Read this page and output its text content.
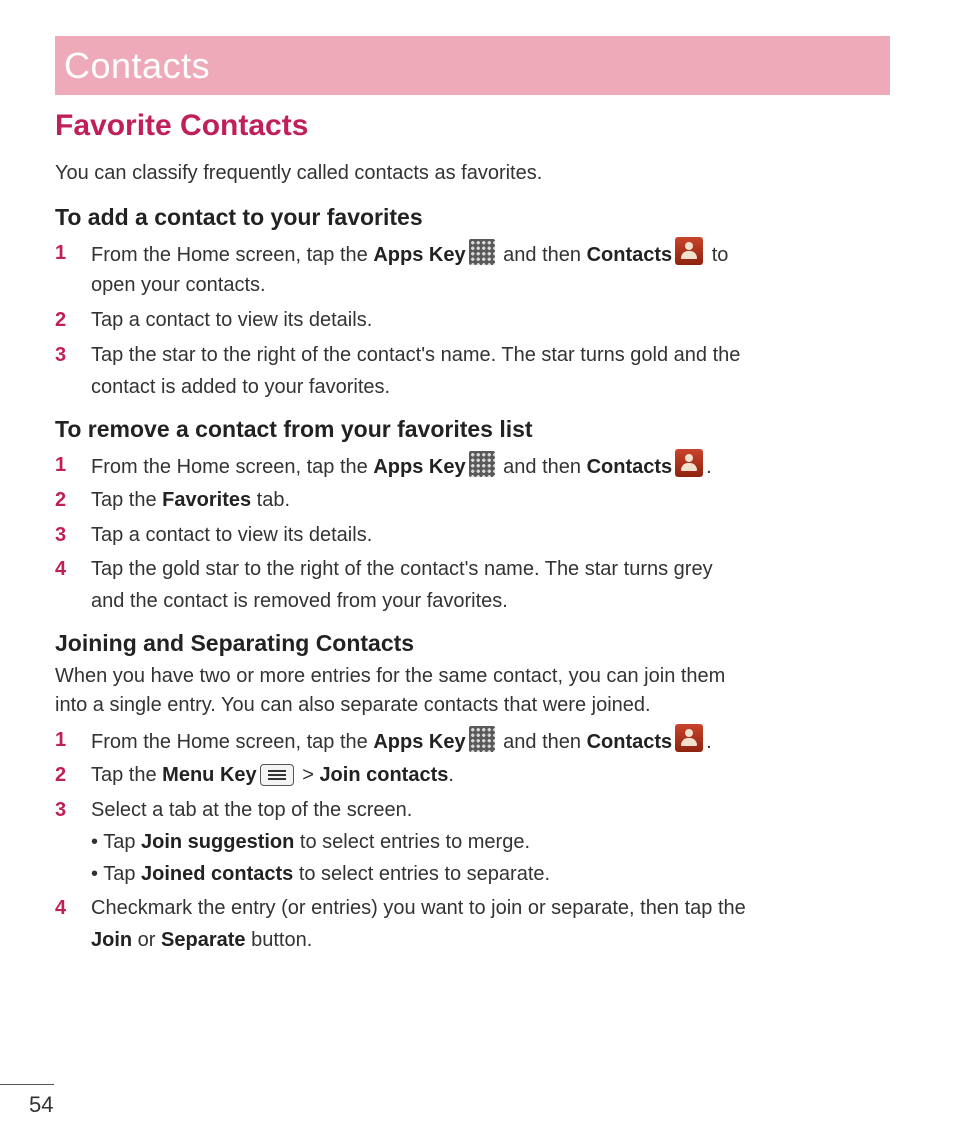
Contacts
Favorite Contacts

You can classify frequently called contacts as favorites.

To add a contact to your favorites
1	From the Home screen, tap the Apps Key and then Contacts to
open your contacts.
2	Tap a contact to view its details.
3	Tap the star to the right of the contact's name. The star turns gold and the
contact is added to your favorites.
To remove a contact from your favorites list
1	From the Home screen, tap the Apps Key and then Contacts .
2	Tap the Favorites tab.
3	Tap a contact to view its details.
4	Tap the gold star to the right of the contact's name. The star turns grey
and the contact is removed from your favorites.
Joining and Separating Contacts

When you have two or more entries for the same contact, you can join them

into a single entry. You can also separate contacts that were joined.

1	From the Home screen, tap the Apps Key and then Contacts .
2	Tap the Menu Key
> Join contacts.
3	Select a tab at the top of the screen.
• Tap Join suggestion to select entries to merge.
• Tap Joined contacts to select entries to separate.
4	Checkmark the entry (or entries) you want to join or separate, then tap the
Join or Separate button.
54
